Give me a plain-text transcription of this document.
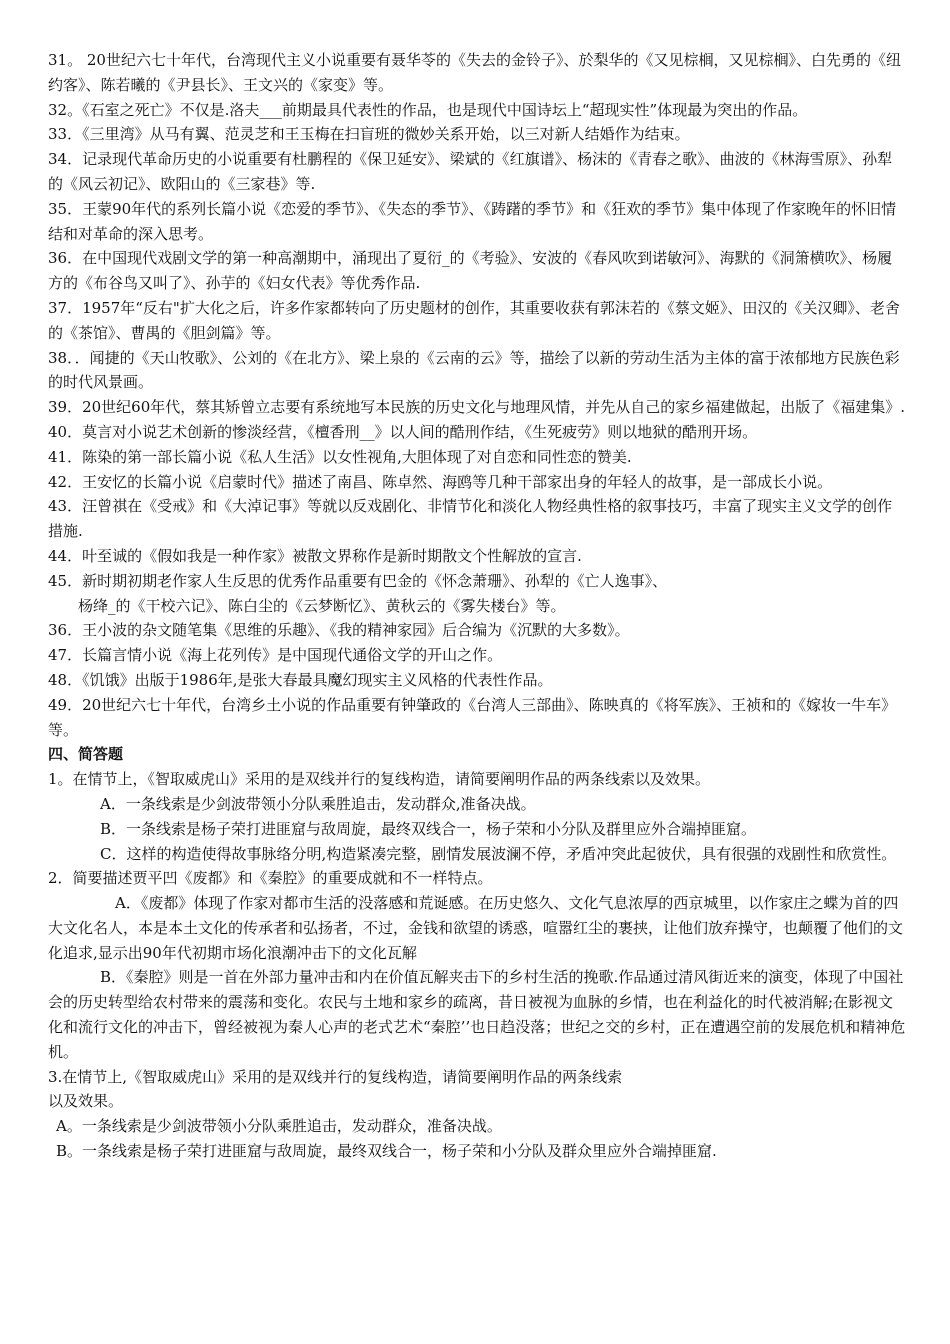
31。 20世纪六七十年代，台湾现代主义小说重要有聂华苓的《失去的金铃子》、於梨华的《又见棕榈，又见棕榈》、白先勇的《纽约客》、陈若曦的《尹县长》、王文兴的《家变》等。

32。《石室之死亡》不仅是.洛夫___前期最具代表性的作品，也是现代中国诗坛上“超现实性”体现最为突出的作品。

33．《三里湾》从马有翼、范灵芝和王玉梅在扫盲班的微妙关系开始，以三对新人结婚作为结束。

34．记录现代革命历史的小说重要有杜鹏程的《保卫延安》、梁斌的《红旗谱》、杨沫的《青春之歌》、曲波的《林海雪原》、孙犁的《风云初记》、欧阳山的《三家巷》等.

35．王蒙90年代的系列长篇小说《恋爱的季节》、《失态的季节》、《踌躇的季节》和《狂欢的季节》集中体现了作家晚年的怀旧情结和对革命的深入思考。

36．在中国现代戏剧文学的第一种高潮期中，涌现出了夏衍_的《考验》、安波的《春风吹到诺敏河》、海默的《洞箫横吹》、杨履方的《布谷鸟又叫了》、孙芋的《妇女代表》等优秀作品.

37．1957年“反右"扩大化之后，许多作家都转向了历史题材的创作，其重要收获有郭沫若的《蔡文姬》、田汉的《关汉卿》、老舍的《茶馆》、曹禺的《胆剑篇》等。

38．．闻捷的《天山牧歌》、公刘的《在北方》、梁上泉的《云南的云》等，描绘了以新的劳动生活为主体的富于浓郁地方民族色彩的时代风景画。

39．20世纪60年代，蔡其矫曾立志要有系统地写本民族的历史文化与地理风情，并先从自己的家乡福建做起，出版了《福建集》.

40．莫言对小说艺术创新的惨淡经营，《檀香刑__》以人间的酷刑作结，《生死疲劳》则以地狱的酷刑开场。

41．陈染的第一部长篇小说《私人生活》以女性视角,大胆体现了对自恋和同性恋的赞美.

42．王安忆的长篇小说《启蒙时代》描述了南昌、陈卓然、海鸥等几种干部家出身的年轻人的故事，是一部成长小说。

43．汪曾祺在《受戒》和《大淖记事》等就以反戏剧化、非情节化和淡化人物经典性格的叙事技巧，丰富了现实主义文学的创作措施.

44．叶至诚的《假如我是一种作家》被散文界称作是新时期散文个性解放的宣言.

45．新时期初期老作家人生反思的优秀作品重要有巴金的《怀念萧珊》、孙犁的《亡人逸事》、

杨绛_的《干校六记》、陈白尘的《云梦断忆》、黄秋云的《雾失楼台》等。

36．王小波的杂文随笔集《思维的乐趣》、《我的精神家园》后合编为《沉默的大多数》。

47．长篇言情小说《海上花列传》是中国现代通俗文学的开山之作。

48．《饥饿》出版于1986年,是张大春最具魔幻现实主义风格的代表性作品。

49．20世纪六七十年代，台湾乡土小说的作品重要有钟肇政的《台湾人三部曲》、陈映真的《将军族》、王祯和的《嫁妆一牛车》等。

四、简答题

1。在情节上，《智取威虎山》采用的是双线并行的复线构造，请简要阐明作品的两条线索以及效果。

A．一条线索是少剑波带领小分队乘胜追击，发动群众,准备决战。

B．一条线索是杨子荣打进匪窟与敌周旋，最终双线合一，杨子荣和小分队及群里应外合端掉匪窟。

C．这样的构造使得故事脉络分明,构造紧凑完整，剧情发展波澜不停，矛盾冲突此起彼伏，具有很强的戏剧性和欣赏性。

2．简要描述贾平凹《废都》和《秦腔》的重要成就和不一样特点。

　A．《废都》体现了作家对都市生活的没落感和荒诞感。在历史悠久、文化气息浓厚的西京城里，以作家庄之蝶为首的四大文化名人，本是本土文化的传承者和弘扬者，不过，金钱和欲望的诱惑，喧嚣红尘的裹挟，让他们放弃操守，也颠覆了他们的文化追求,显示出90年代初期市场化浪潮冲击下的文化瓦解

B．《秦腔》则是一首在外部力量冲击和内在价值瓦解夹击下的乡村生活的挽歌.作品通过清风街近来的演变，体现了中国社会的历史转型给农村带来的震荡和变化。农民与土地和家乡的疏离，昔日被视为血脉的乡情，也在利益化的时代被消解;在影视文化和流行文化的冲击下，曾经被视为秦人心声的老式艺术“秦腔’’也日趋没落；世纪之交的乡村，正在遭遇空前的发展危机和精神危机。

3.在情节上,《智取威虎山》采用的是双线并行的复线构造，请简要阐明作品的两条线索

以及效果。

A。一条线索是少剑波带领小分队乘胜追击，发动群众，准备决战。

B。一条线索是杨子荣打进匪窟与敌周旋，最终双线合一，杨子荣和小分队及群众里应外合端掉匪窟.
